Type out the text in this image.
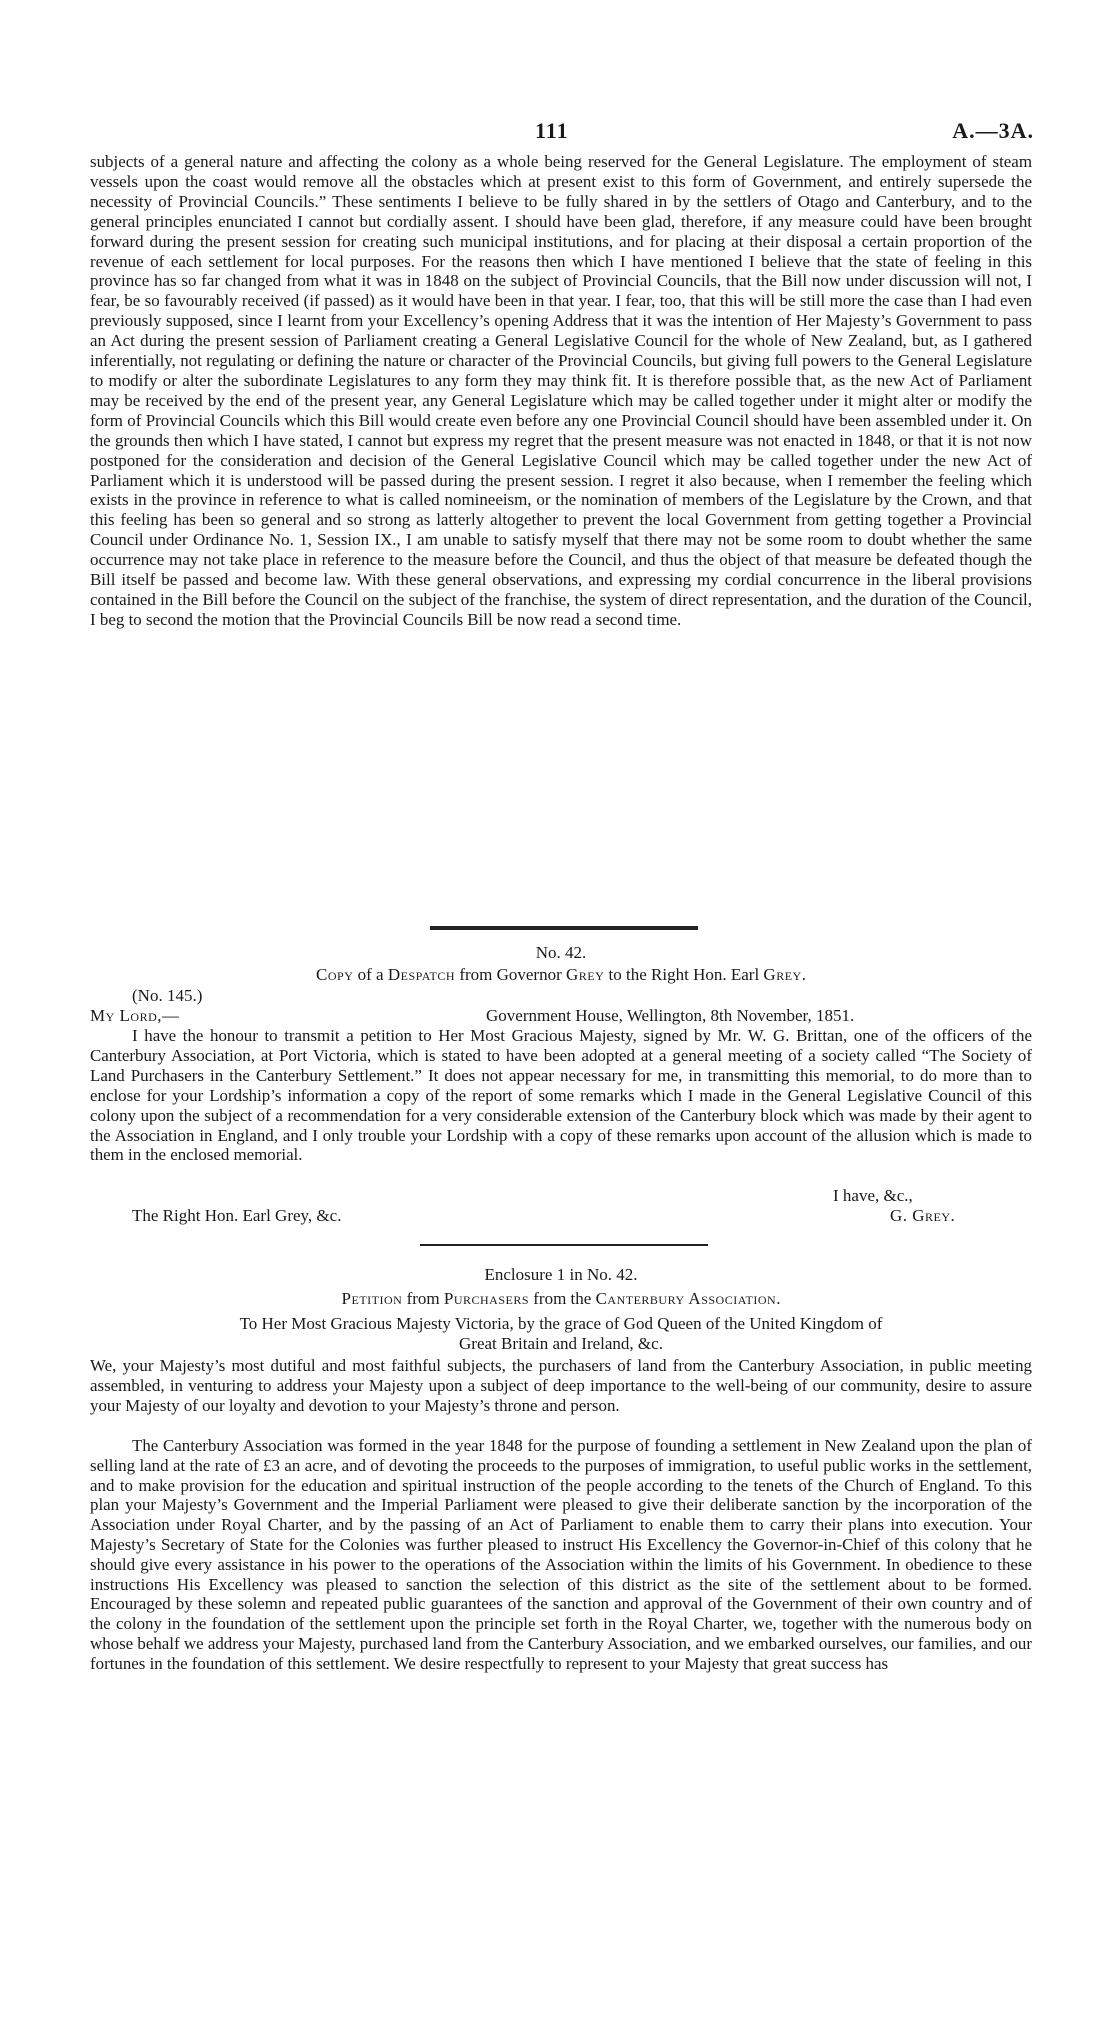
111	A.—3A.

subjects of a general nature and affecting the colony as a whole being reserved for the General Legislature. The employment of steam vessels upon the coast would remove all the obstacles which at present exist to this form of Government, and entirely supersede the necessity of Provincial Councils.” These sentiments I believe to be fully shared in by the settlers of Otago and Canterbury, and to the general principles enunciated I cannot but cordially assent. I should have been glad, therefore, if any measure could have been brought forward during the present session for creating such municipal institutions, and for placing at their disposal a certain proportion of the revenue of each settlement for local purposes. For the reasons then which I have mentioned I believe that the state of feeling in this province has so far changed from what it was in 1848 on the subject of Provincial Councils, that the Bill now under discussion will not, I fear, be so favourably received (if passed) as it would have been in that year. I fear, too, that this will be still more the case than I had even previously supposed, since I learnt from your Excellency’s opening Address that it was the intention of Her Majesty’s Government to pass an Act during the present session of Parliament creating a General Legislative Council for the whole of New Zealand, but, as I gathered inferentially, not regulating or defining the nature or character of the Provincial Councils, but giving full powers to the General Legislature to modify or alter the subordinate Legislatures to any form they may think fit. It is therefore possible that, as the new Act of Parliament may be received by the end of the present year, any General Legislature which may be called together under it might alter or modify the form of Provincial Councils which this Bill would create even before any one Provincial Council should have been assembled under it. On the grounds then which I have stated, I cannot but express my regret that the present measure was not enacted in 1848, or that it is not now postponed for the consideration and decision of the General Legislative Council which may be called together under the new Act of Parliament which it is understood will be passed during the present session. I regret it also because, when I remember the feeling which exists in the province in reference to what is called nomineeism, or the nomination of members of the Legislature by the Crown, and that this feeling has been so general and so strong as latterly altogether to prevent the local Government from getting together a Provincial Council under Ordinance No. 1, Session IX., I am unable to satisfy myself that there may not be some room to doubt whether the same occurrence may not take place in reference to the measure before the Council, and thus the object of that measure be defeated though the Bill itself be passed and become law. With these general observations, and expressing my cordial concurrence in the liberal provisions contained in the Bill before the Council on the subject of the franchise, the system of direct representation, and the duration of the Council, I beg to second the motion that the Provincial Councils Bill be now read a second time.

No. 42.

Copy of a Despatch from Governor Grey to the Right Hon. Earl Grey.

(No. 145.)

My Lord,—	Government House, Wellington, 8th November, 1851.

I have the honour to transmit a petition to Her Most Gracious Majesty, signed by Mr. W. G. Brittan, one of the officers of the Canterbury Association, at Port Victoria, which is stated to have been adopted at a general meeting of a society called “The Society of Land Purchasers in the Canterbury Settlement.” It does not appear necessary for me, in transmitting this memorial, to do more than to enclose for your Lordship’s information a copy of the report of some remarks which I made in the General Legislative Council of this colony upon the subject of a recommendation for a very considerable extension of the Canterbury block which was made by their agent to the Association in England, and I only trouble your Lordship with a copy of these remarks upon account of the allusion which is made to them in the enclosed memorial.

I have, &c.,

The Right Hon. Earl Grey, &c.	G. Grey.

Enclosure 1 in No. 42.

Petition from Purchasers from the Canterbury Association.

To Her Most Gracious Majesty Victoria, by the grace of God Queen of the United Kingdom of

Great Britain and Ireland, &c.

We, your Majesty’s most dutiful and most faithful subjects, the purchasers of land from the Canterbury Association, in public meeting assembled, in venturing to address your Majesty upon a subject of deep importance to the well-being of our community, desire to assure your Majesty of our loyalty and devotion to your Majesty’s throne and person.

The Canterbury Association was formed in the year 1848 for the purpose of founding a settlement in New Zealand upon the plan of selling land at the rate of £3 an acre, and of devoting the proceeds to the purposes of immigration, to useful public works in the settlement, and to make provision for the education and spiritual instruction of the people according to the tenets of the Church of England. To this plan your Majesty’s Government and the Imperial Parliament were pleased to give their deliberate sanction by the incorporation of the Association under Royal Charter, and by the passing of an Act of Parliament to enable them to carry their plans into execution. Your Majesty’s Secretary of State for the Colonies was further pleased to instruct His Excellency the Governor-in-Chief of this colony that he should give every assistance in his power to the operations of the Association within the limits of his Government. In obedience to these instructions His Excellency was pleased to sanction the selection of this district as the site of the settlement about to be formed. Encouraged by these solemn and repeated public guarantees of the sanction and approval of the Government of their own country and of the colony in the foundation of the settlement upon the principle set forth in the Royal Charter, we, together with the numerous body on whose behalf we address your Majesty, purchased land from the Canterbury Association, and we embarked ourselves, our families, and our fortunes in the foundation of this settlement. We desire respectfully to represent to your Majesty that great success has
